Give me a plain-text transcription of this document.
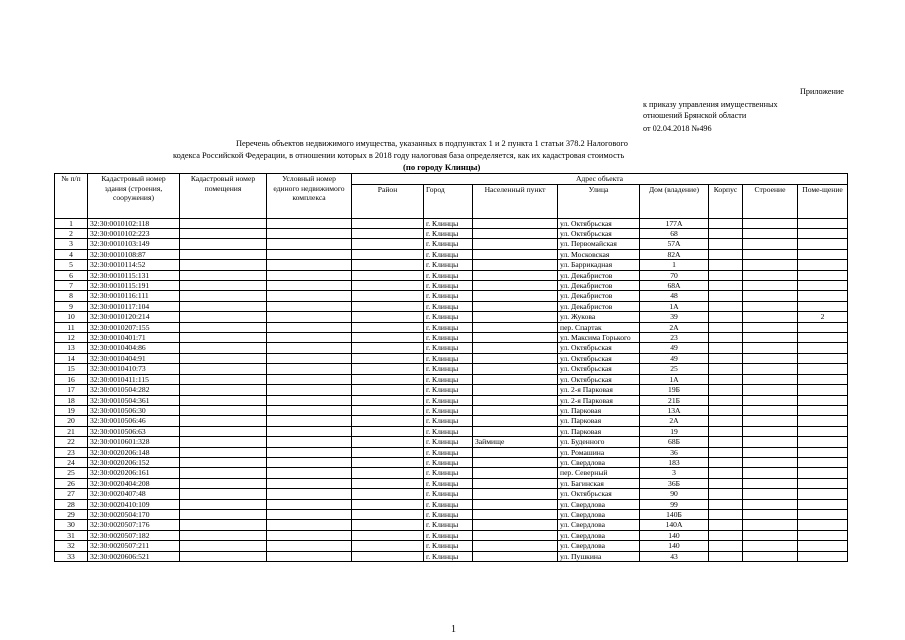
Приложение
к приказу управления имущественных
отношений Брянской области
от 02.04.2018 №496
Перечень объектов недвижимого имущества, указанных в подпунктах 1 и 2 пункта 1 статьи 378.2 Налогового
кодекса Российской Федерации, в отношении которых в 2018 году налоговая база определяется, как их кадастровая стоимость
(по городу Клинцы)
№ п/п	Кадастровый номер здания (строения, сооружения)	Кадастровый номер помещения	Условный номер единого недвижимого комплекса	Адрес объекта							
				Район	Город	Населенный пункт	Улица	Дом (владение)	Корпус	Строение	Поме-щение
1	32:30:0010102:118				г. Клинцы		ул. Октябрьская	177А			
2	32:30:0010102:223				г. Клинцы		ул. Октябрьская	68			
3	32:30:0010103:149				г. Клинцы		ул. Первомайская	57А			
4	32:30:0010108:87				г. Клинцы		ул. Московская	82А			
5	32:30:0010114:52				г. Клинцы		ул. Баррикадная	1			
6	32:30:0010115:131				г. Клинцы		ул. Декабристов	70			
7	32:30:0010115:191				г. Клинцы		ул. Декабристов	68А			
8	32:30:0010116:111				г. Клинцы		ул. Декабристов	48			
9	32:30:0010117:104				г. Клинцы		ул. Декабристов	1А			
10	32:30:0010120:214				г. Клинцы		ул. Жукова	39			2
11	32:30:0010207:155				г. Клинцы		пер. Спартак	2А			
12	32:30:0010401:71				г. Клинцы		ул. Максима Горького	23			
13	32:30:0010404:86				г. Клинцы		ул. Октябрьская	49			
14	32:30:0010404:91				г. Клинцы		ул. Октябрьская	49			
15	32:30:0010410:73				г. Клинцы		ул. Октябрьская	25			
16	32:30:0010411:115				г. Клинцы		ул. Октябрьская	1А			
17	32:30:0010504:282				г. Клинцы		ул. 2-я Парковая	19Б			
18	32:30:0010504:361				г. Клинцы		ул. 2-я Парковая	21Б			
19	32:30:0010506:30				г. Клинцы		ул. Парковая	13А			
20	32:30:0010506:46				г. Клинцы		ул. Парковая	2А			
21	32:30:0010506:63				г. Клинцы		ул. Парковая	19			
22	32:30:0010601:328				г. Клинцы	Займище	ул. Буденного	68Б			
23	32:30:0020206:148				г. Клинцы		ул. Ромашина	36			
24	32:30:0020206:152				г. Клинцы		ул. Свердлова	183			
25	32:30:0020206:161				г. Клинцы		пер. Северный	3			
26	32:30:0020404:208				г. Клинцы		ул. Багинская	36Б			
27	32:30:0020407:48				г. Клинцы		ул. Октябрьская	90			
28	32:30:0020410:109				г. Клинцы		ул. Свердлова	99			
29	32:30:0020504:170				г. Клинцы		ул. Свердлова	140Б			
30	32:30:0020507:176				г. Клинцы		ул. Свердлова	140А			
31	32:30:0020507:182				г. Клинцы		ул. Свердлова	140			
32	32:30:0020507:211				г. Клинцы		ул. Свердлова	140			
33	32:30:0020606:521				г. Клинцы		ул. Пушкина	43			
1
